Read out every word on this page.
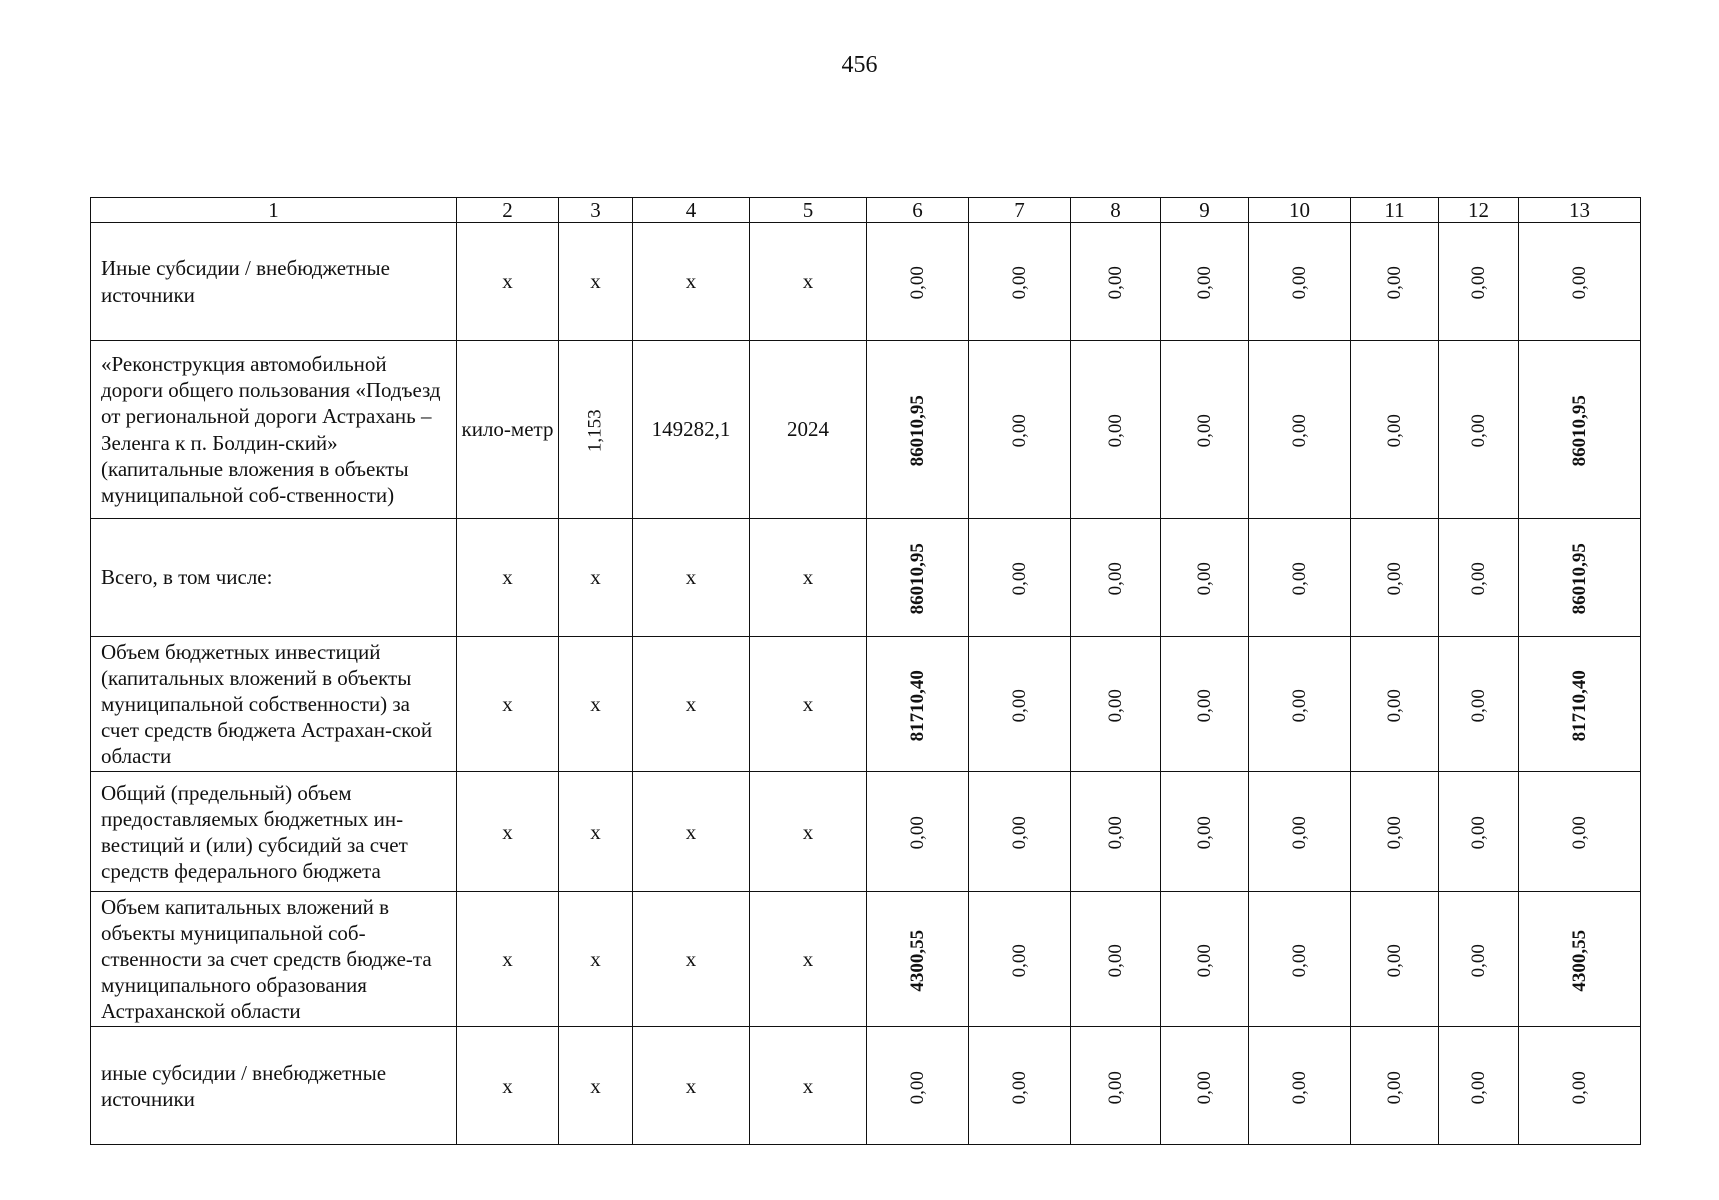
456
1	2	3	4	5	6	7	8	9	10	11	12	13
Иные субсидии / внебюджетные источники	х	х	х	х	0,00	0,00	0,00	0,00	0,00	0,00	0,00	0,00
«Реконструкция автомобильной дороги общего пользования «Подъезд от региональной дороги Астрахань – Зеленга к п. Болдин-ский» (капитальные вложения в объекты муниципальной соб-ственности)	кило-метр	1,153	149282,1	2024	86010,95	0,00	0,00	0,00	0,00	0,00	0,00	86010,95
Всего, в том числе:	х	х	х	х	86010,95	0,00	0,00	0,00	0,00	0,00	0,00	86010,95
Объем бюджетных инвестиций (капитальных вложений в объекты муниципальной собственности) за счет средств бюджета Астрахан-ской области	х	х	х	х	81710,40	0,00	0,00	0,00	0,00	0,00	0,00	81710,40
Общий (предельный) объем предоставляемых бюджетных ин-вестиций и (или) субсидий за счет средств федерального бюджета	х	х	х	х	0,00	0,00	0,00	0,00	0,00	0,00	0,00	0,00
Объем капитальных вложений в объекты муниципальной соб-ственности за счет средств бюдже-та муниципального образования Астраханской области	х	х	х	х	4300,55	0,00	0,00	0,00	0,00	0,00	0,00	4300,55
иные субсидии / внебюджетные источники	х	х	х	х	0,00	0,00	0,00	0,00	0,00	0,00	0,00	0,00
